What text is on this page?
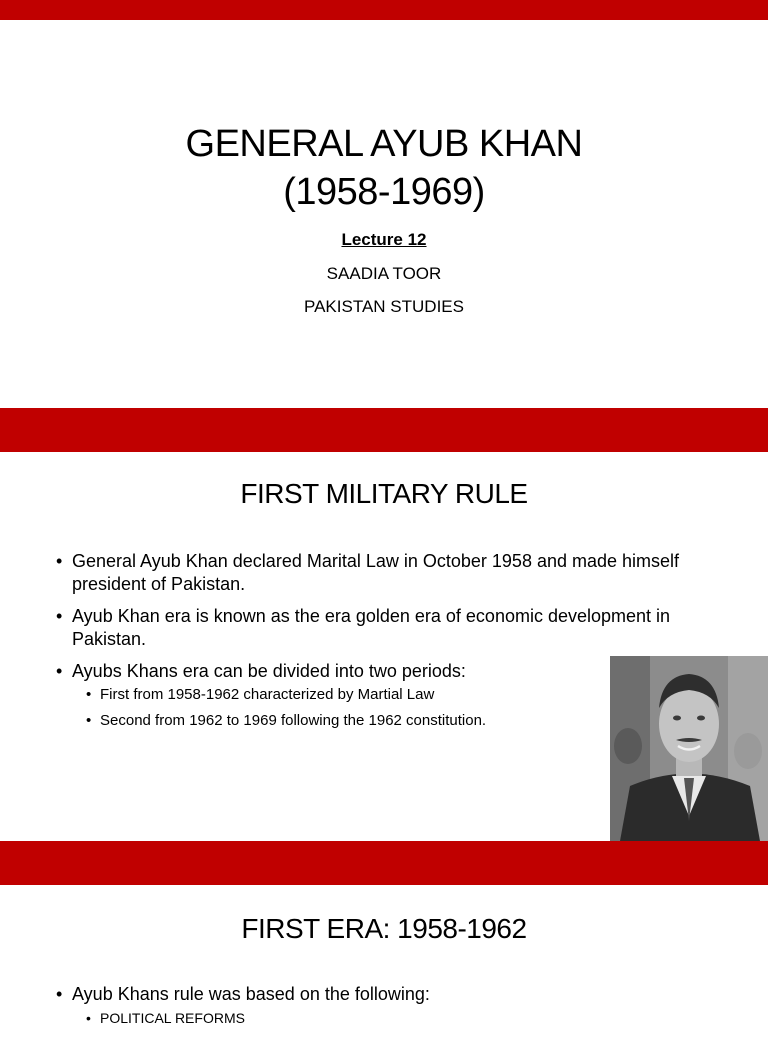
GENERAL AYUB KHAN
(1958-1969)
Lecture 12
SAADIA TOOR
PAKISTAN STUDIES
FIRST MILITARY RULE
• General Ayub Khan declared Marital Law in October 1958 and made himself president of Pakistan.
• Ayub Khan era is known as the era golden era of economic development in Pakistan.
• Ayubs Khans era can be divided into two periods:
• First from 1958-1962 characterized by Martial Law
• Second from 1962 to 1969 following the 1962 constitution.
FIRST ERA: 1958-1962
• Ayub Khans rule was based on the following:
• POLITICAL REFORMS
